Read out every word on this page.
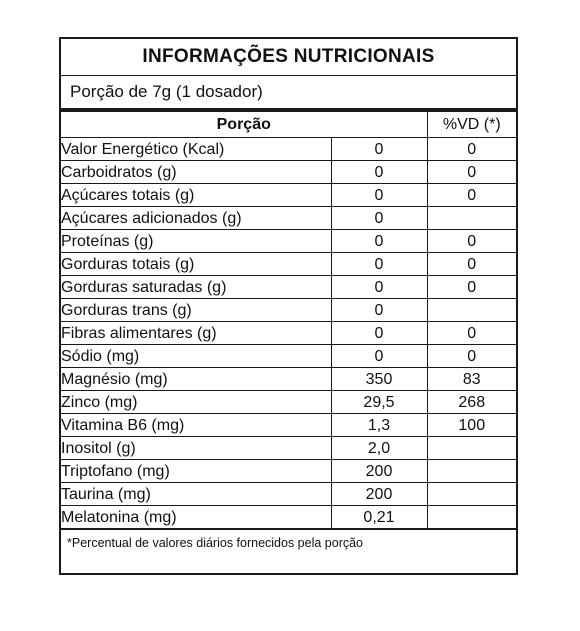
INFORMAÇÕES NUTRICIONAIS
Porção de 7g (1 dosador)
Porção		%VD (*)
Valor Energético (Kcal)	0	0
Carboidratos (g)	0	0
Açúcares totais (g)	0	0
Açúcares adicionados (g)	0	
Proteínas (g)	0	0
Gorduras totais (g)	0	0
Gorduras saturadas (g)	0	0
Gorduras trans (g)	0	
Fibras alimentares (g)	0	0
Sódio (mg)	0	0
Magnésio (mg)	350	83
Zinco (mg)	29,5	268
Vitamina B6 (mg)	1,3	100
Inositol (g)	2,0	
Triptofano (mg)	200	
Taurina (mg)	200	
Melatonina (mg)	0,21	
*Percentual de valores diários fornecidos pela porção
